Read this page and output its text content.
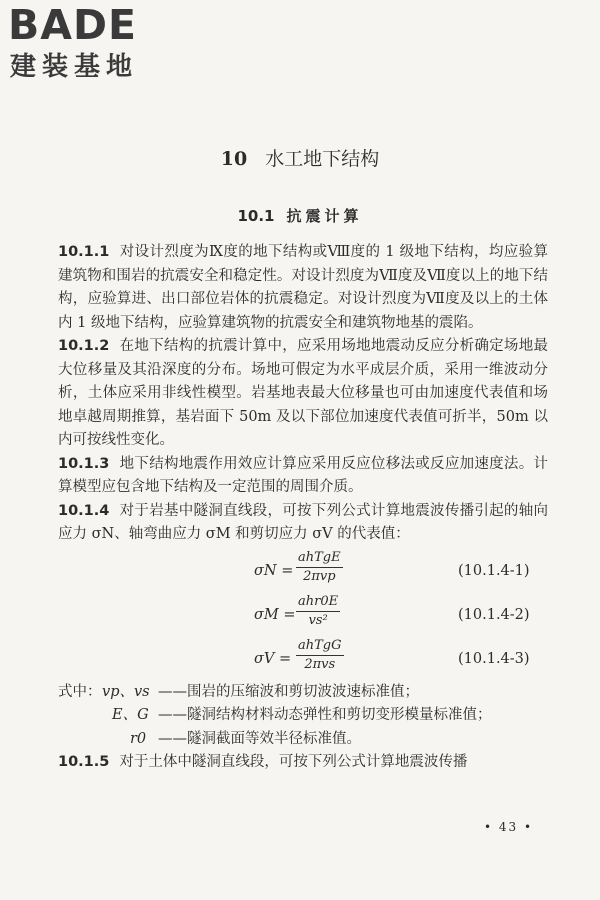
BADE
建装基地
10 水工地下结构
10.1 抗震计算

10.1.1 对设计烈度为Ⅸ度的地下结构或Ⅷ度的 1 级地下结构，均应验算建筑物和围岩的抗震安全和稳定性。对设计烈度为Ⅶ度及Ⅶ度以上的地下结构，应验算进、出口部位岩体的抗震稳定。对设计烈度为Ⅶ度及以上的土体内 1 级地下结构，应验算建筑物的抗震安全和建筑物地基的震陷。

10.1.2 在地下结构的抗震计算中，应采用场地地震动反应分析确定场地最大位移量及其沿深度的分布。场地可假定为水平成层介质，采用一维波动分析，土体应采用非线性模型。岩基地表最大位移量也可由加速度代表值和场地卓越周期推算，基岩面下 50m 及以下部位加速度代表值可折半，50m 以内可按线性变化。

10.1.3 地下结构地震作用效应计算应采用反应位移法或反应加速度法。计算模型应包含地下结构及一定范围的周围介质。

10.1.4 对于岩基中隧洞直线段，可按下列公式计算地震波传播引起的轴向应力 σN、轴弯曲应力 σM 和剪切应力 σV 的代表值：

σN =
ahTgE
2πvp	(10.1.4-1)
σM =
ahr0E
vs²	(10.1.4-2)
σV =
ahTgG
2πvs	(10.1.4-3)
式中： vp、vs ——围岩的压缩波和剪切波波速标准值；
E、G ——隧洞结构材料动态弹性和剪切变形模量标准值；
r0 ——隧洞截面等效半径标准值。

10.1.5 对于土体中隧洞直线段，可按下列公式计算地震波传播

• 43 •
